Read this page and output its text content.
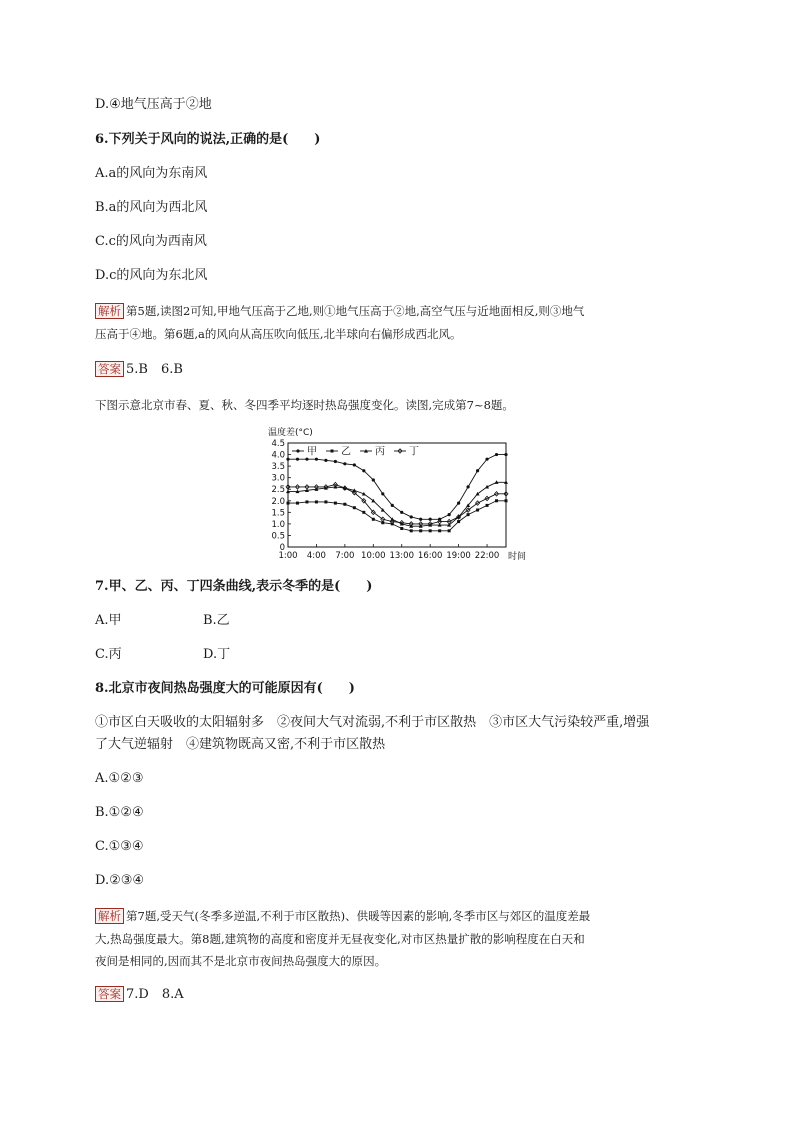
D.④地气压高于②地
6.下列关于风向的说法,正确的是(　　)
A.a的风向为东南风
B.a的风向为西北风
C.c的风向为西南风
D.c的风向为东北风
解析 第5题,读图2可知,甲地气压高于乙地,则①地气压高于②地,高空气压与近地面相反,则③地气
压高于④地。第6题,a的风向从高压吹向低压,北半球向右偏形成西北风。
答案 5.B　6.B
下图示意北京市春、夏、秋、冬四季平均逐时热岛强度变化。读图,完成第7~8题。
温度差(°C)
4.5
4.0
3.5
3.0
2.5
2.0
1.5
1.0
0.5
0
1:00 4:00 7:00 10:00 13:00 16:00 19:00 22:00 时间
甲 乙 丙 丁
7.甲、乙、丙、丁四条曲线,表示冬季的是(　　)
A.甲	B.乙
C.丙	D.丁
8.北京市夜间热岛强度大的可能原因有(　　)
①市区白天吸收的太阳辐射多　②夜间大气对流弱,不利于市区散热　③市区大气污染较严重,增强
了大气逆辐射　④建筑物既高又密,不利于市区散热
A.①②③
B.①②④
C.①③④
D.②③④
解析 第7题,受天气(冬季多逆温,不利于市区散热)、供暖等因素的影响,冬季市区与郊区的温度差最
大,热岛强度最大。第8题,建筑物的高度和密度并无昼夜变化,对市区热量扩散的影响程度在白天和
夜间是相同的,因而其不是北京市夜间热岛强度大的原因。
答案 7.D　8.A
